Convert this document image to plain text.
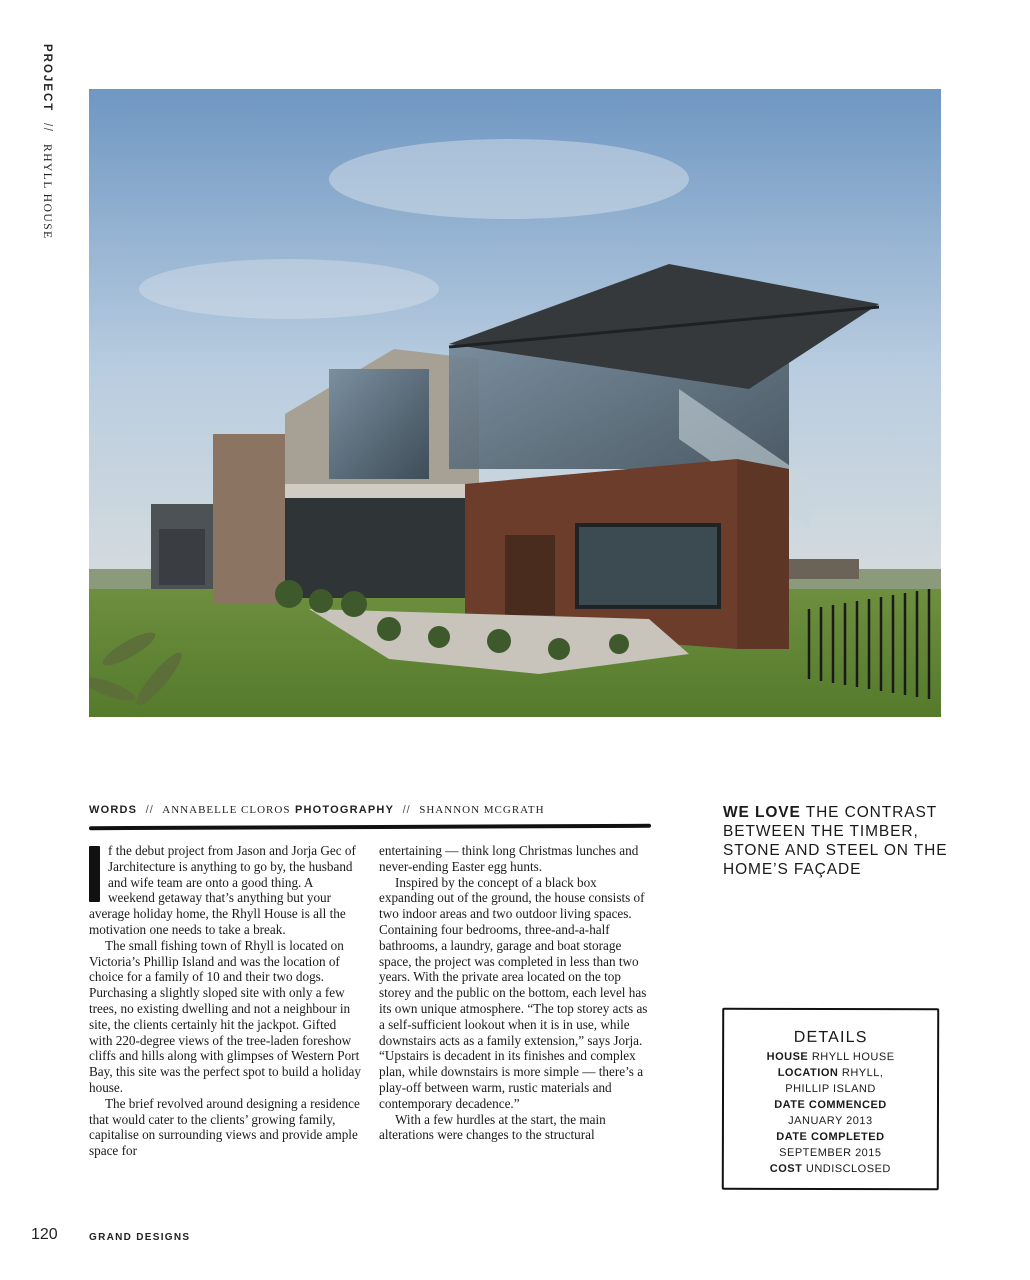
PROJECT // RHYLL HOUSE
WORDS // ANNABELLE CLOROS PHOTOGRAPHY // SHANNON MCGRATH

f the debut project from Jason and Jorja Gec of Jarchitecture is anything to go by, the husband and wife team are onto a good thing. A weekend getaway that’s anything but your average holiday home, the Rhyll House is all the motivation one needs to take a break.

The small fishing town of Rhyll is located on Victoria’s Phillip Island and was the location of choice for a family of 10 and their two dogs. Purchasing a slightly sloped site with only a few trees, no existing dwelling and not a neighbour in site, the clients certainly hit the jackpot. Gifted with 220-degree views of the tree-laden foreshow cliffs and hills along with glimpses of Western Port Bay, this site was the perfect spot to build a holiday house.

The brief revolved around designing a residence that would cater to the clients’ growing family, capitalise on surrounding views and provide ample space for

entertaining — think long Christmas lunches and never-ending Easter egg hunts.

Inspired by the concept of a black box expanding out of the ground, the house consists of two indoor areas and two outdoor living spaces. Containing four bedrooms, three-and-a-half bathrooms, a laundry, garage and boat storage space, the project was completed in less than two years. With the private area located on the top storey and the public on the bottom, each level has its own unique atmosphere. “The top storey acts as a self-sufficient lookout when it is in use, while downstairs acts as a family extension,” says Jorja. “Upstairs is decadent in its finishes and complex plan, while downstairs is more simple — there’s a play-off between warm, rustic materials and contemporary decadence.”

With a few hurdles at the start, the main alterations were changes to the structural

WE LOVE THE CONTRAST BETWEEN THE TIMBER, STONE AND STEEL ON THE HOME’S FAÇADE
DETAILS
HOUSE RHYLL HOUSE
LOCATION RHYLL,
PHILLIP ISLAND
DATE COMMENCED
JANUARY 2013
DATE COMPLETED
SEPTEMBER 2015
COST UNDISCLOSED
120	GRAND DESIGNS
